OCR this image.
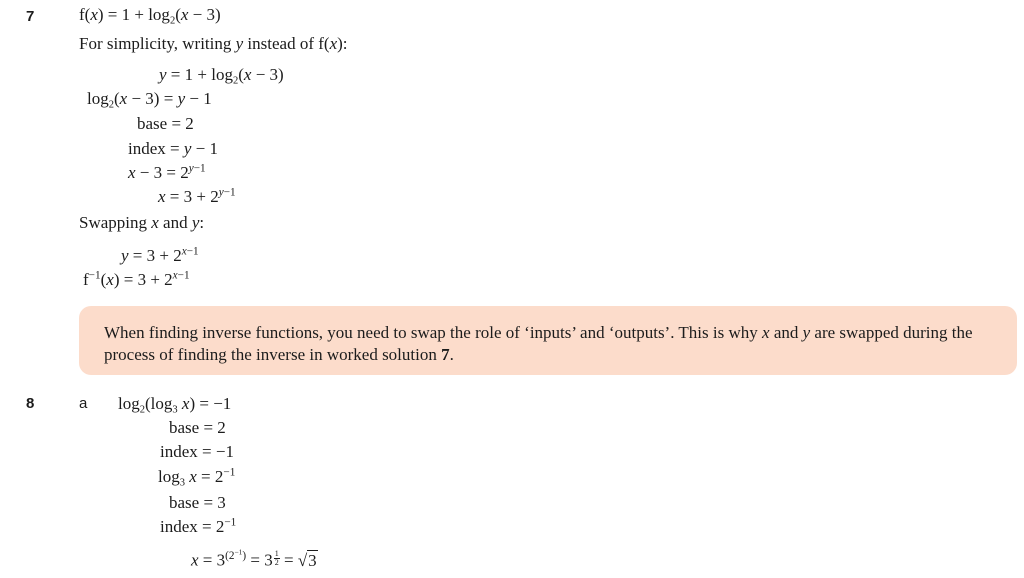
7	$f(x) = 1 + \log_2(x - 3)$
For simplicity, writing y instead of f(x):
$y = 1 + \log_2(x - 3)$
$\log_2(x - 3) = y - 1$
base = 2
index = y − 1
$x - 3 = 2^{y-1}$
$x = 3 + 2^{y-1}$
Swapping x and y:
$y = 3 + 2^{x-1}$
$f^{-1}(x) = 3 + 2^{x-1}$
When finding inverse functions, you need to swap the role of ‘inputs’ and ‘outputs’. This is why x and y are swapped during the process of finding the inverse in worked solution 7.
8	a $\log_2(\log_3$ x) = −1
base = 2
index = −1
$\log_3 x = 2^{-1}$
base = 3
index = $2^{-1}$
$x = 3^{(2^{-1})} = 3 \frac{1}{2} = √3$
